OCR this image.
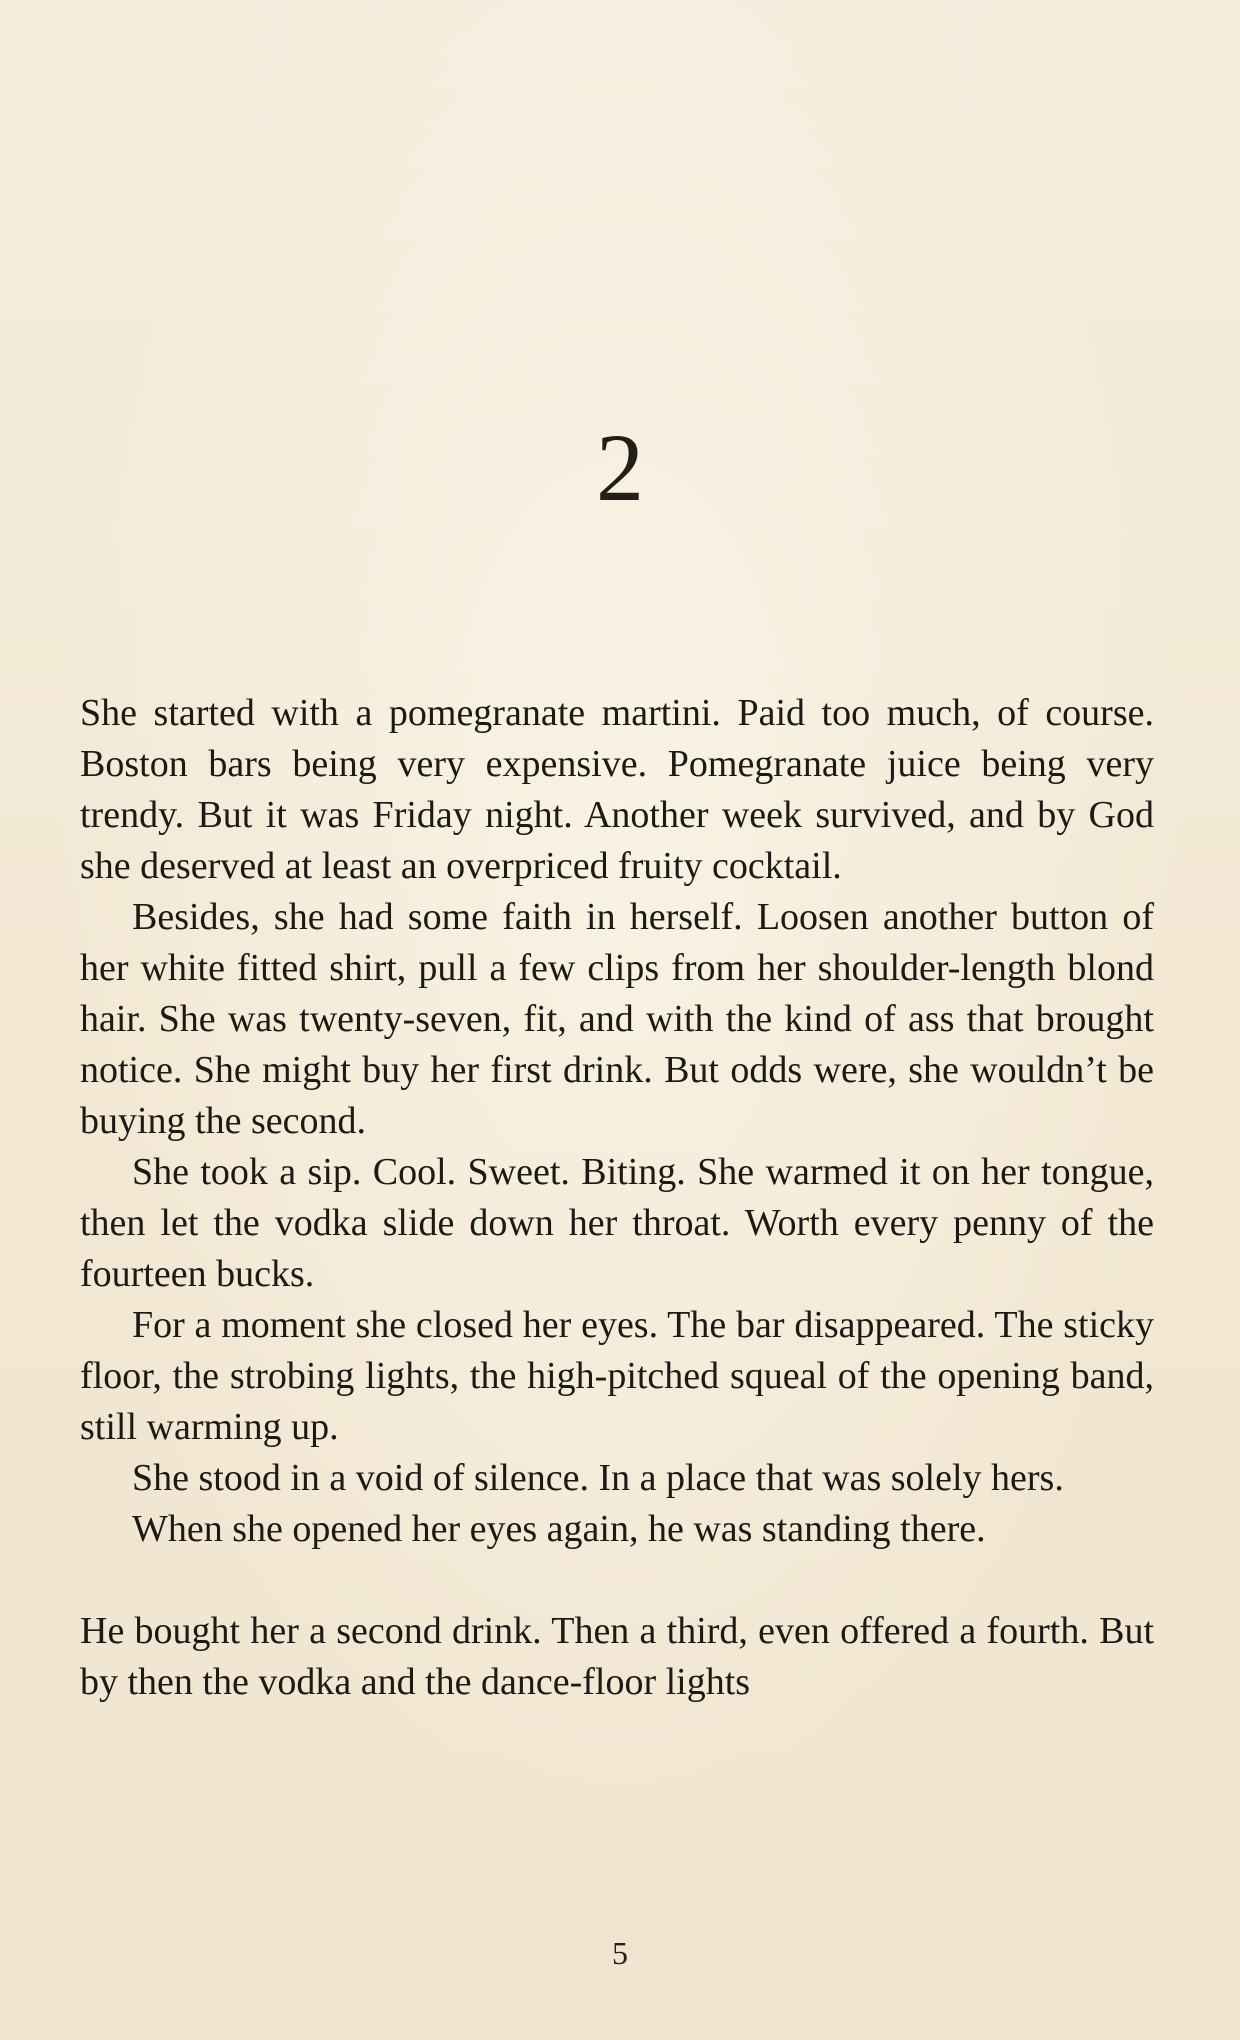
2

She started with a pomegranate martini. Paid too much, of course. Boston bars being very expensive. Pomegranate juice being very trendy. But it was Friday night. Another week survived, and by God she deserved at least an overpriced fruity cocktail.

Besides, she had some faith in herself. Loosen another button of her white fitted shirt, pull a few clips from her shoulder-length blond hair. She was twenty-seven, fit, and with the kind of ass that brought notice. She might buy her first drink. But odds were, she wouldn’t be buying the second.

She took a sip. Cool. Sweet. Biting. She warmed it on her tongue, then let the vodka slide down her throat. Worth every penny of the fourteen bucks.

For a moment she closed her eyes. The bar disappeared. The sticky floor, the strobing lights, the high-pitched squeal of the opening band, still warming up.

She stood in a void of silence. In a place that was solely hers.

When she opened her eyes again, he was standing there.

He bought her a second drink. Then a third, even offered a fourth. But by then the vodka and the dance-floor lights

5
